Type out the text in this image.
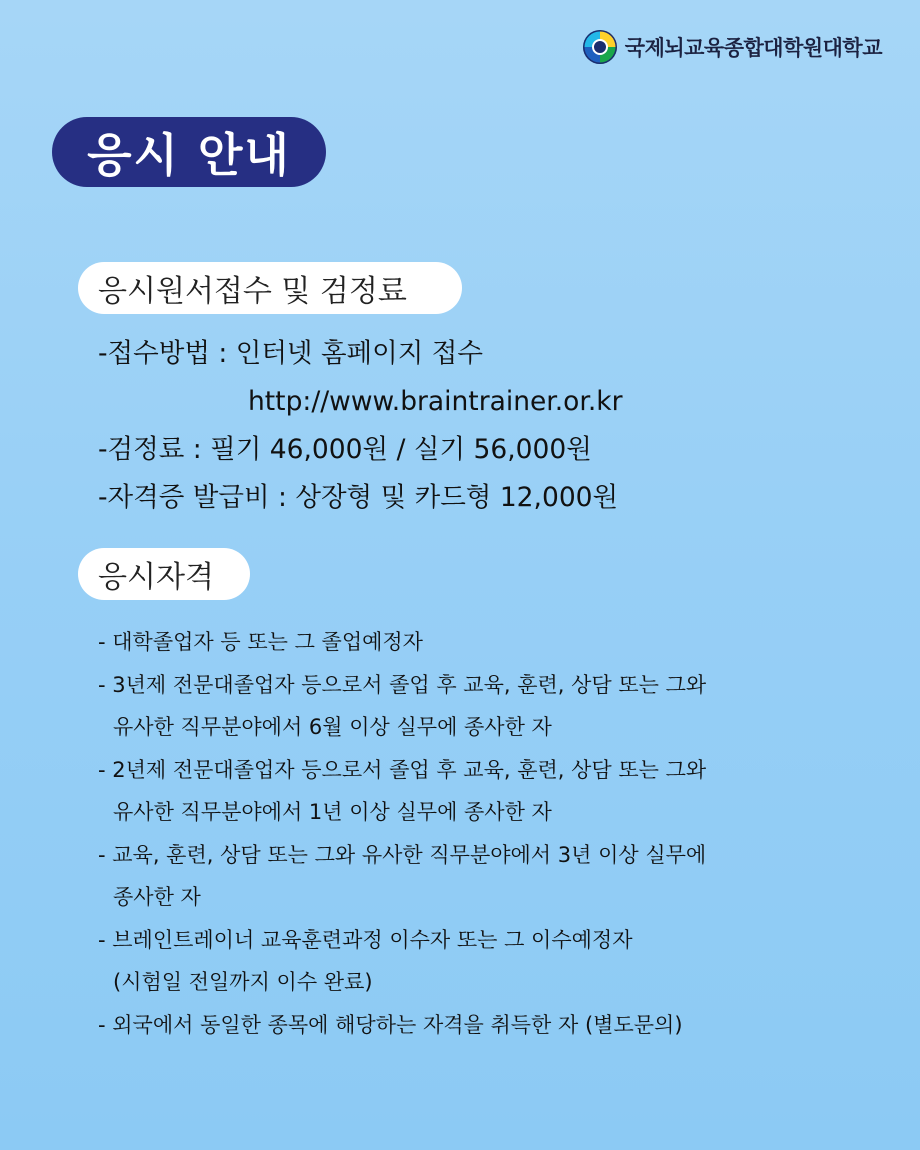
국제뇌교육종합대학원대학교
응시 안내
응시원서접수 및 검정료
-접수방법 : 인터넷 홈페이지 접수
http://www.braintrainer.or.kr
-검정료 : 필기 46,000원 / 실기 56,000원
-자격증 발급비 : 상장형 및 카드형 12,000원
응시자격
- 대학졸업자 등 또는 그 졸업예정자
- 3년제 전문대졸업자 등으로서 졸업 후 교육, 훈련, 상담 또는 그와
유사한 직무분야에서 6월 이상 실무에 종사한 자
- 2년제 전문대졸업자 등으로서 졸업 후 교육, 훈련, 상담 또는 그와
유사한 직무분야에서 1년 이상 실무에 종사한 자
- 교육, 훈련, 상담 또는 그와 유사한 직무분야에서 3년 이상 실무에
종사한 자
- 브레인트레이너 교육훈련과정 이수자 또는 그 이수예정자
(시험일 전일까지 이수 완료)
- 외국에서 동일한 종목에 해당하는 자격을 취득한 자 (별도문의)
